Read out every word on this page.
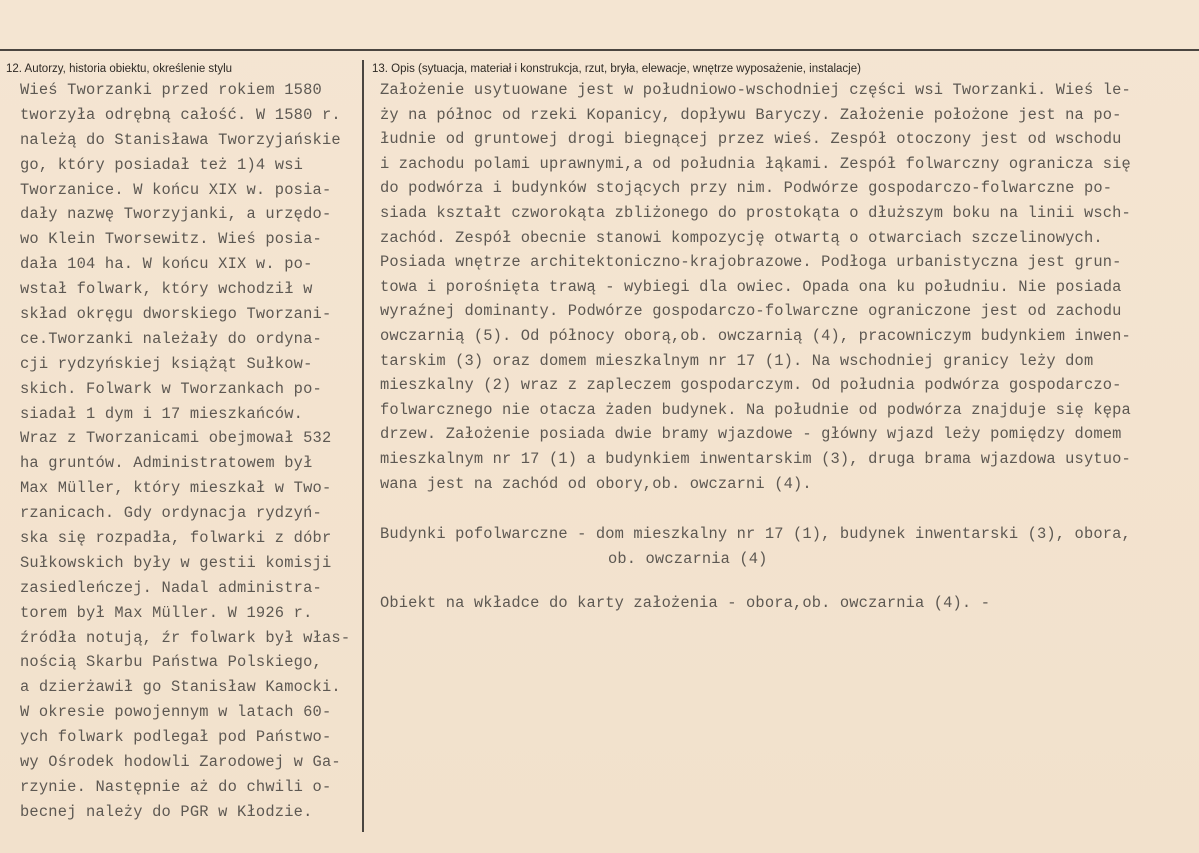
12. Autorzy, historia obiektu, określenie stylu	13. Opis (sytuacja, materiał i konstrukcja, rzut, bryła, elewacje, wnętrze wyposażenie, instalacje)
Wieś Tworzanki przed rokiem 1580
tworzyła odrębną całość. W 1580 r.
należą do Stanisława Tworzyjańskie
go, który posiadał też 1)4 wsi
Tworzanice. W końcu XIX w. posia-
dały nazwę Tworzyjanki, a urzędo-
wo Klein Tworsewitz. Wieś posia-
dała 104 ha. W końcu XIX w. po-
wstał folwark, który wchodził w
skład okręgu dworskiego Tworzani-
ce.Tworzanki należały do ordyna-
cji rydzyńskiej książąt Sułkow-
skich. Folwark w Tworzankach po-
siadał 1 dym i 17 mieszkańców.
Wraz z Tworzanicami obejmował 532
ha gruntów. Administratowem był
Max Müller, który mieszkał w Two-
rzanicach. Gdy ordynacja rydzyń-
ska się rozpadła, folwarki z dóbr
Sułkowskich były w gestii komisji
zasiedleńczej. Nadal administra-
torem był Max Müller. W 1926 r.
źródła notują, źr folwark był włas-
nością Skarbu Państwa Polskiego,
a dzierżawił go Stanisław Kamocki.
W okresie powojennym w latach 60-
ych folwark podlegał pod Państwo-
wy Ośrodek hodowli Zarodowej w Ga-
rzynie. Następnie aż do chwili o-
becnej należy do PGR w Kłodzie.
Założenie usytuowane jest w południowo-wschodniej części wsi Tworzanki. Wieś le-
ży na północ od rzeki Kopanicy, dopływu Baryczy. Założenie położone jest na po-
łudnie od gruntowej drogi biegnącej przez wieś. Zespół otoczony jest od wschodu
i zachodu polami uprawnymi,a od południa łąkami. Zespół folwarczny ogranicza się
do podwórza i budynków stojących przy nim. Podwórze gospodarczo-folwarczne po-
siada kształt czworokąta zbliżonego do prostokąta o dłuższym boku na linii wsch-
zachód. Zespół obecnie stanowi kompozycję otwartą o otwarciach szczelinowych.
Posiada wnętrze architektoniczno-krajobrazowe. Podłoga urbanistyczna jest grun-
towa i porośnięta trawą - wybiegi dla owiec. Opada ona ku południu. Nie posiada
wyraźnej dominanty. Podwórze gospodarczo-folwarczne ograniczone jest od zachodu
owczarnią (5). Od północy oborą,ob. owczarnią (4), pracowniczym budynkiem inwen-
tarskim (3) oraz domem mieszkalnym nr 17 (1). Na wschodniej granicy leży dom
mieszkalny (2) wraz z zapleczem gospodarczym. Od południa podwórza gospodarczo-
folwarcznego nie otacza żaden budynek. Na południe od podwórza znajduje się kępa
drzew. Założenie posiada dwie bramy wjazdowe - główny wjazd leży pomiędzy domem
mieszkalnym nr 17 (1) a budynkiem inwentarskim (3), druga brama wjazdowa usytuo-
wana jest na zachód od obory,ob. owczarni (4).
Budynki pofolwarczne - dom mieszkalny nr 17 (1), budynek inwentarski (3), obora,
ob. owczarnia (4)
Obiekt na wkładce do karty założenia - obora,ob. owczarnia (4). -
